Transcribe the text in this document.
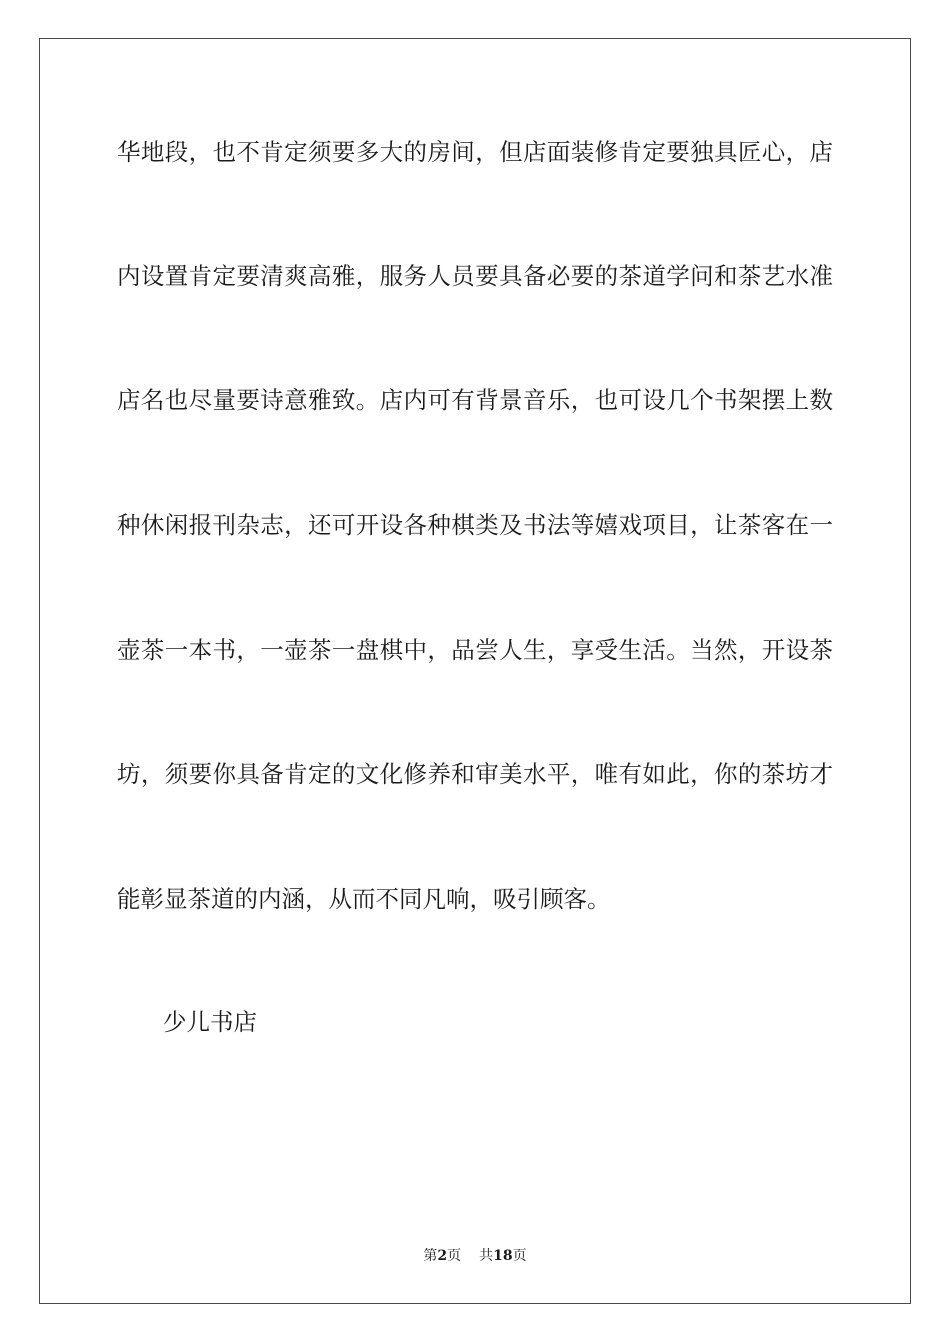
华地段，也不肯定须要多大的房间，但店面装修肯定要独具匠心，店
内设置肯定要清爽高雅，服务人员要具备必要的茶道学问和茶艺水准
店名也尽量要诗意雅致。店内可有背景音乐，也可设几个书架摆上数
种休闲报刊杂志，还可开设各种棋类及书法等嬉戏项目，让茶客在一
壶茶一本书，一壶茶一盘棋中，品尝人生，享受生活。当然，开设茶
坊，须要你具备肯定的文化修养和审美水平，唯有如此，你的茶坊才
能彰显茶道的内涵，从而不同凡响，吸引顾客。
少儿书店
第2页 共18页
